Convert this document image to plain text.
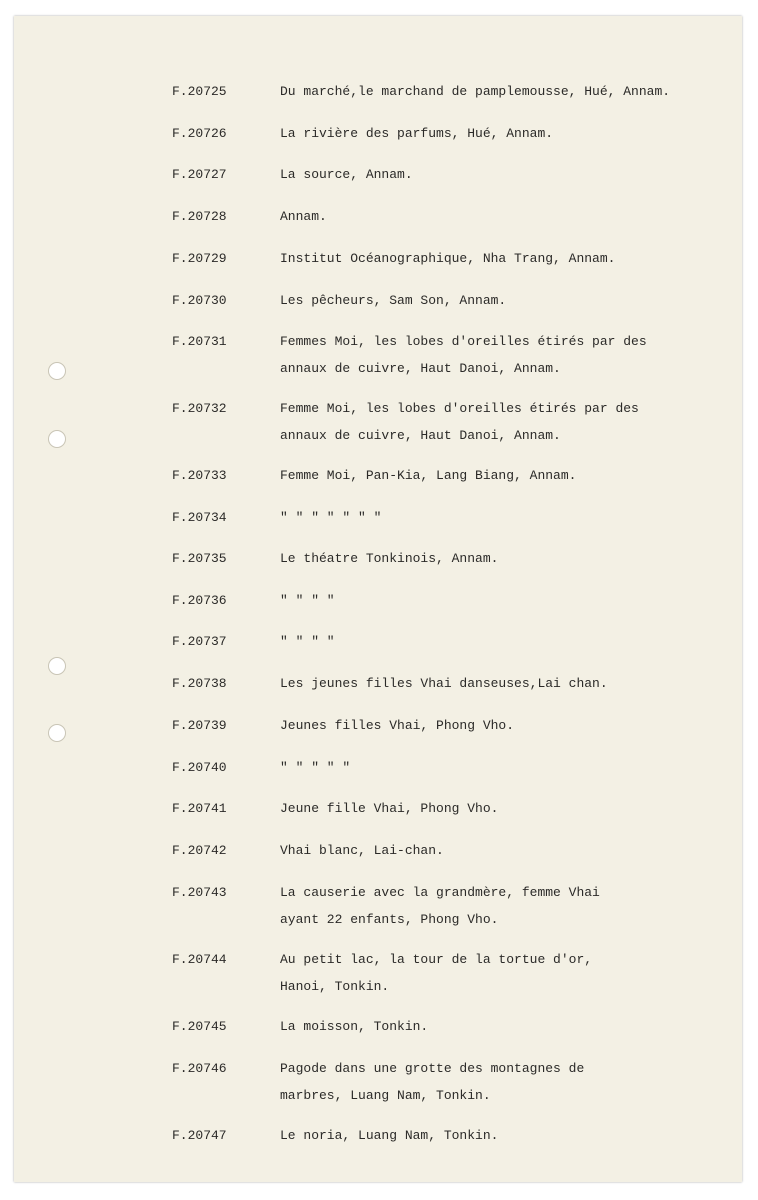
F.20725	Du marché,le marchand de pamplemousse, Hué, Annam.
F.20726	La rivière des parfums, Hué, Annam.
F.20727	La source, Annam.
F.20728	Annam.
F.20729	Institut Océanographique, Nha Trang, Annam.
F.20730	Les pêcheurs, Sam Son, Annam.
F.20731	Femmes Moi, les lobes d'oreilles étirés par des
annaux de cuivre, Haut Danoi, Annam.
F.20732	Femme Moi, les lobes d'oreilles étirés par des
annaux de cuivre, Haut Danoi, Annam.
F.20733	Femme Moi, Pan-Kia, Lang Biang, Annam.
F.20734	" " " " " " "
F.20735	Le théatre Tonkinois, Annam.
F.20736	" " " "
F.20737	" " " "
F.20738	Les jeunes filles Vhai danseuses,Lai chan.
F.20739	Jeunes filles Vhai, Phong Vho.
F.20740	" " " " "
F.20741	Jeune fille Vhai, Phong Vho.
F.20742	Vhai blanc, Lai-chan.
F.20743	La causerie avec la grandmère, femme Vhai
ayant 22 enfants, Phong Vho.
F.20744	Au petit lac, la tour de la tortue d'or,
Hanoi, Tonkin.
F.20745	La moisson, Tonkin.
F.20746	Pagode dans une grotte des montagnes de
marbres, Luang Nam, Tonkin.
F.20747	Le noria, Luang Nam, Tonkin.
